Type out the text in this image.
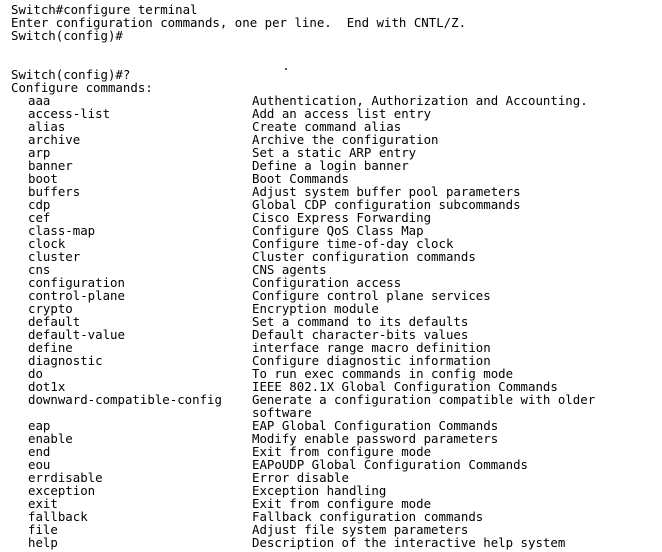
Switch#configure terminal
Enter configuration commands, one per line.  End with CNTL/Z.
Switch(config)#
Switch(config)#?
Configure commands:
aaa	Authentication, Authorization and Accounting.
access-list	Add an access list entry
alias	Create command alias
archive	Archive the configuration
arp	Set a static ARP entry
banner	Define a login banner
boot	Boot Commands
buffers	Adjust system buffer pool parameters
cdp	Global CDP configuration subcommands
cef	Cisco Express Forwarding
class-map	Configure QoS Class Map
clock	Configure time-of-day clock
cluster	Cluster configuration commands
cns	CNS agents
configuration	Configuration access
control-plane	Configure control plane services
crypto	Encryption module
default	Set a command to its defaults
default-value	Default character-bits values
define	interface range macro definition
diagnostic	Configure diagnostic information
do	To run exec commands in config mode
dot1x	IEEE 802.1X Global Configuration Commands
downward-compatible-config Generate a configuration compatible with older
software
eap	EAP Global Configuration Commands
enable	Modify enable password parameters
end	Exit from configure mode
eou	EAPoUDP Global Configuration Commands
errdisable	Error disable
exception	Exception handling
exit	Exit from configure mode
fallback	Fallback configuration commands
file	Adjust file system parameters
help	Description of the interactive help system
